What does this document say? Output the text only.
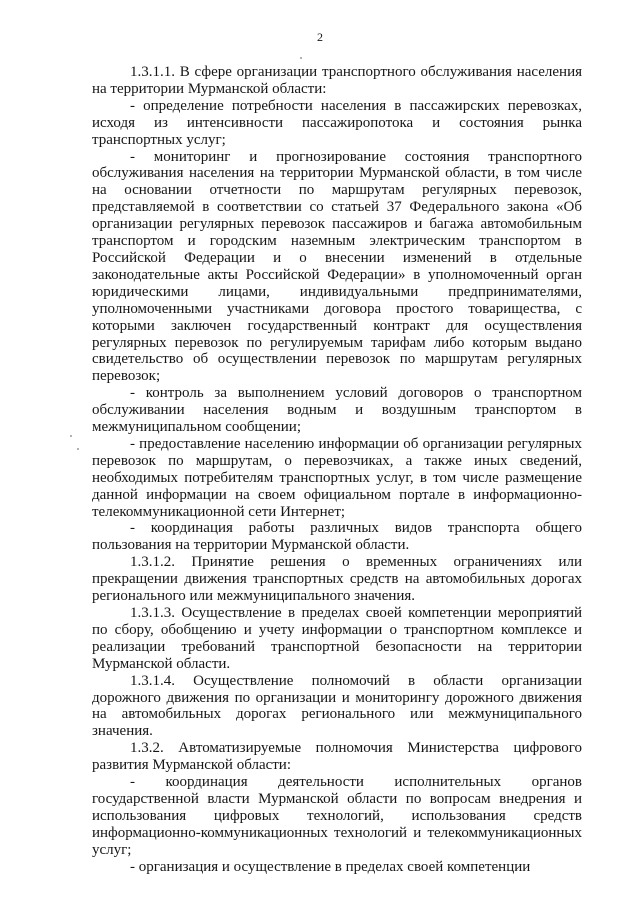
2

1.3.1.1. В сфере организации транспортного обслуживания населения на территории Мурманской области:

- определение потребности населения в пассажирских перевозках, исходя из интенсивности пассажиропотока и состояния рынка транспортных услуг;

- мониторинг и прогнозирование состояния транспортного обслуживания населения на территории Мурманской области, в том числе на основании отчетности по маршрутам регулярных перевозок, представляемой в соответствии со статьей 37 Федерального закона «Об организации регулярных перевозок пассажиров и багажа автомобильным транспортом и городским наземным электрическим транспортом в Российской Федерации и о внесении изменений в отдельные законодательные акты Российской Федерации» в уполномоченный орган юридическими лицами, индивидуальными предпринимателями, уполномоченными участниками договора простого товарищества, с которыми заключен государственный контракт для осуществления регулярных перевозок по регулируемым тарифам либо которым выдано свидетельство об осуществлении перевозок по маршрутам регулярных перевозок;

- контроль за выполнением условий договоров о транспортном обслуживании населения водным и воздушным транспортом в межмуниципальном сообщении;

- предоставление населению информации об организации регулярных перевозок по маршрутам, о перевозчиках, а также иных сведений, необходимых потребителям транспортных услуг, в том числе размещение данной информации на своем официальном портале в информационно-телекоммуникационной сети Интернет;

- координация работы различных видов транспорта общего пользования на территории Мурманской области.

1.3.1.2. Принятие решения о временных ограничениях или прекращении движения транспортных средств на автомобильных дорогах регионального или межмуниципального значения.

1.3.1.3. Осуществление в пределах своей компетенции мероприятий по сбору, обобщению и учету информации о транспортном комплексе и реализации требований транспортной безопасности на территории Мурманской области.

1.3.1.4. Осуществление полномочий в области организации дорожного движения по организации и мониторингу дорожного движения на автомобильных дорогах регионального или межмуниципального значения.

1.3.2. Автоматизируемые полномочия Министерства цифрового развития Мурманской области:

- координация деятельности исполнительных органов государственной власти Мурманской области по вопросам внедрения и использования цифровых технологий, использования средств информационно-коммуникационных технологий и телекоммуникационных услуг;

- организация и осуществление в пределах своей компетенции
